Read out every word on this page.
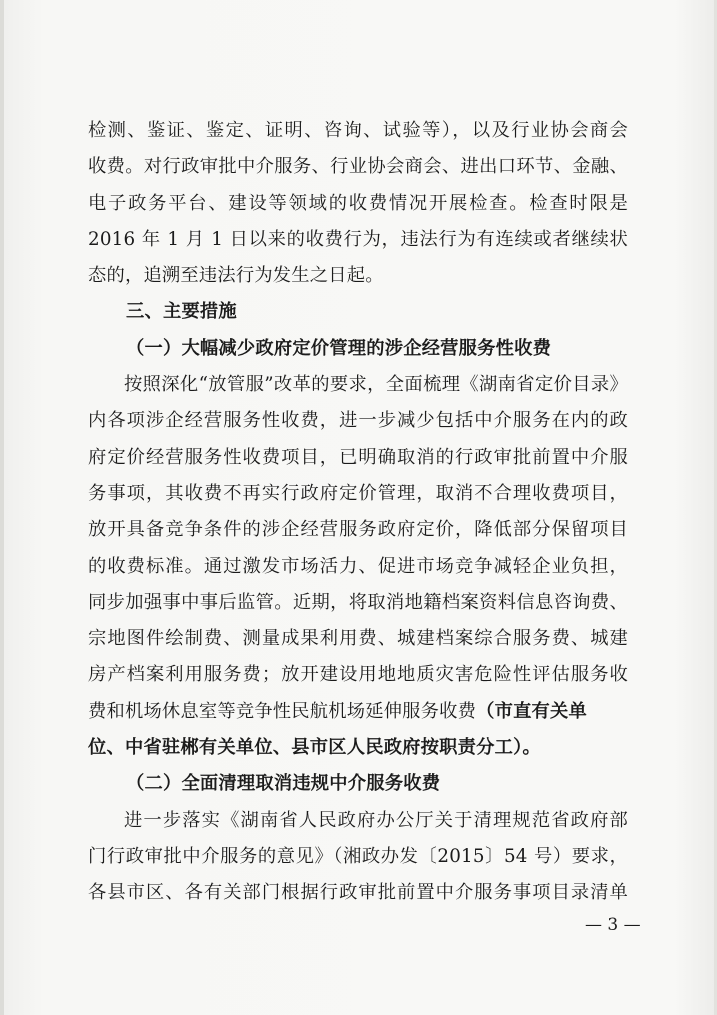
检测、鉴证、鉴定、证明、咨询、试验等），以及行业协会商会
收费。对行政审批中介服务、行业协会商会、进出口环节、金融、
电子政务平台、建设等领域的收费情况开展检查。检查时限是
2016 年 1 月 1 日以来的收费行为，违法行为有连续或者继续状
态的，追溯至违法行为发生之日起。
三、主要措施
（一）大幅减少政府定价管理的涉企经营服务性收费
按照深化“放管服”改革的要求，全面梳理《湖南省定价目录》
内各项涉企经营服务性收费，进一步减少包括中介服务在内的政
府定价经营服务性收费项目，已明确取消的行政审批前置中介服
务事项，其收费不再实行政府定价管理，取消不合理收费项目，
放开具备竞争条件的涉企经营服务政府定价，降低部分保留项目
的收费标准。通过激发市场活力、促进市场竞争减轻企业负担，
同步加强事中事后监管。近期，将取消地籍档案资料信息咨询费、
宗地图件绘制费、测量成果利用费、城建档案综合服务费、城建
房产档案利用服务费；放开建设用地地质灾害危险性评估服务收
费和机场休息室等竞争性民航机场延伸服务收费（市直有关单
位、中省驻郴有关单位、县市区人民政府按职责分工）。
（二）全面清理取消违规中介服务收费
进一步落实《湖南省人民政府办公厅关于清理规范省政府部
门行政审批中介服务的意见》（湘政办发〔2015〕54 号）要求，
各县市区、各有关部门根据行政审批前置中介服务事项目录清单
— 3 —
